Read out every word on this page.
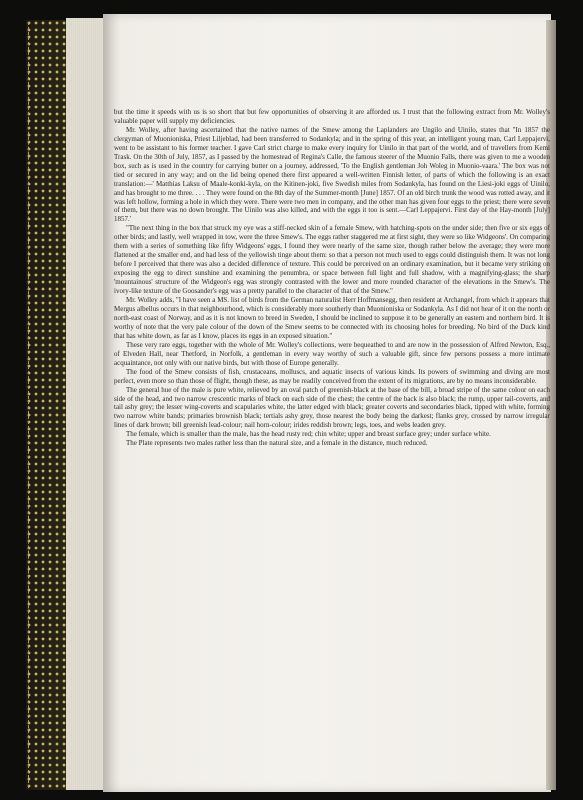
but the time it speeds with us is so short that but few opportunities of observing it are afforded us. I trust that the following extract from Mr. Wolley's valuable paper will supply my deficiencies.

Mr. Wolley, after having ascertained that the native names of the Smew among the Laplanders are Ungilo and Uinilo, states that "In 1857 the clergyman of Muonioniska, Priest Liljeblad, had been transferred to Sodankyla; and in the spring of this year, an intelligent young man, Carl Leppajervi, went to be assistant to his former teacher. I gave Carl strict charge to make every inquiry for Uinilo in that part of the world, and of travellers from Kemi Trask. On the 30th of July, 1857, as I passed by the homestead of Regina's Calle, the famous steerer of the Muonio Falls, there was given to me a wooden box, such as is used in the country for carrying butter on a journey, addressed, 'To the English gentleman Joh Woleg in Muonio-vaara.' The box was not tied or secured in any way; and on the lid being opened there first appeared a well-written Finnish letter, of parts of which the following is an exact translation:—' Matthias Laksu of Maale-konki-kyla, on the Kitinen-joki, five Swedish miles from Sodankyla, has found on the Liesi-joki eggs of Uinilo, and has brought to me three. . . . They were found on the 8th day of the Summer-month [June] 1857. Of an old birch trunk the wood was rotted away, and it was left hollow, forming a hole in which they were. There were two men in company, and the other man has given four eggs to the priest; there were seven of them, but there was no down brought. The Uinilo was also killed, and with the eggs it too is sent.—Carl Leppajervi. First day of the Hay-month [July] 1857.'

"The next thing in the box that struck my eye was a stiff-necked skin of a female Smew, with hatching-spots on the under side; then five or six eggs of other birds; and lastly, well wrapped in tow, were the three Smew's. The eggs rather staggered me at first sight, they were so like Widgeons'. On comparing them with a series of something like fifty Widgeons' eggs, I found they were nearly of the same size, though rather below the average; they were more flattened at the smaller end, and had less of the yellowish tinge about them: so that a person not much used to eggs could distinguish them. It was not long before I perceived that there was also a decided difference of texture. This could be perceived on an ordinary examination, but it became very striking on exposing the egg to direct sunshine and examining the penumbra, or space between full light and full shadow, with a magnifying-glass; the sharp 'mountainous' structure of the Widgeon's egg was strongly contrasted with the lower and more rounded character of the elevations in the Smew's. The ivory-like texture of the Goosander's egg was a pretty parallel to the character of that of the Smew."

Mr. Wolley adds, "I have seen a MS. list of birds from the German naturalist Herr Hoffmansegg, then resident at Archangel, from which it appears that Mergus albellus occurs in that neighbourhood, which is considerably more southerly than Muonioniska or Sodankyla. As I did not hear of it on the north or north-east coast of Norway, and as it is not known to breed in Sweden, I should be inclined to suppose it to be generally an eastern and northern bird. It is worthy of note that the very pale colour of the down of the Smew seems to be connected with its choosing holes for breeding. No bird of the Duck kind that has white down, as far as I know, places its eggs in an exposed situation."

These very rare eggs, together with the whole of Mr. Wolley's collections, were bequeathed to and are now in the possession of Alfred Newton, Esq., of Elveden Hall, near Thetford, in Norfolk, a gentleman in every way worthy of such a valuable gift, since few persons possess a more intimate acquaintance, not only with our native birds, but with those of Europe generally.

The food of the Smew consists of fish, crustaceans, molluscs, and aquatic insects of various kinds. Its powers of swimming and diving are most perfect, even more so than those of flight, though these, as may be readily conceived from the extent of its migrations, are by no means inconsiderable.

The general hue of the male is pure white, relieved by an oval patch of greenish-black at the base of the bill, a broad stripe of the same colour on each side of the head, and two narrow crescentic marks of black on each side of the chest; the centre of the back is also black; the rump, upper tail-coverts, and tail ashy grey; the lesser wing-coverts and scapularies white, the latter edged with black; greater coverts and secondaries black, tipped with white, forming two narrow white bands; primaries brownish black; tertials ashy grey, those nearest the body being the darkest; flanks grey, crossed by narrow irregular lines of dark brown; bill greenish lead-colour; nail horn-colour; irides reddish brown; legs, toes, and webs leaden grey.

The female, which is smaller than the male, has the head rusty red; chin white; upper and breast surface grey; under surface white.

The Plate represents two males rather less than the natural size, and a female in the distance, much reduced.
